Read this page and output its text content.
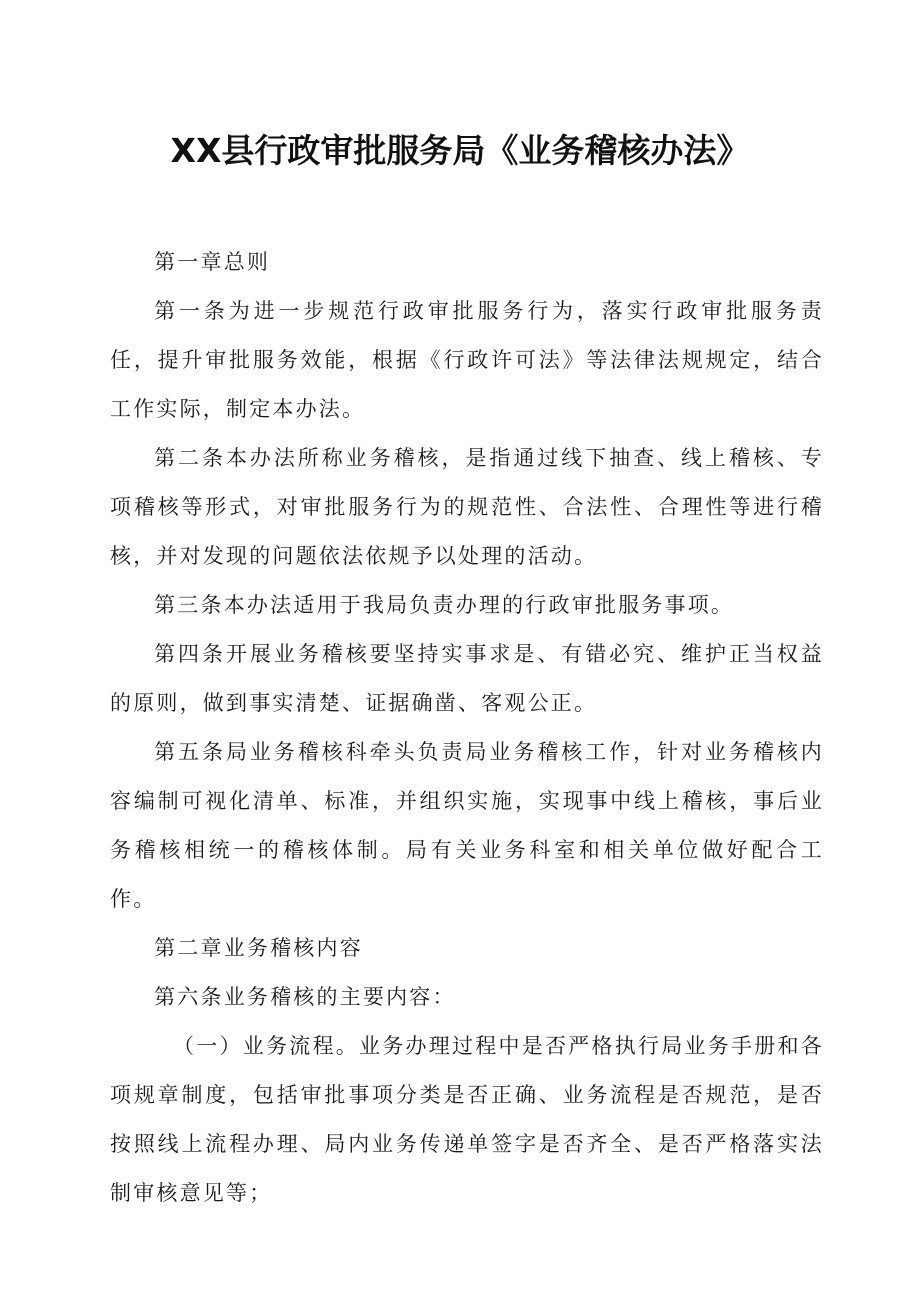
XX县行政审批服务局《业务稽核办法》

第一章总则

第一条为进一步规范行政审批服务行为，落实行政审批服务责任，提升审批服务效能，根据《行政许可法》等法律法规规定，结合工作实际，制定本办法。

第二条本办法所称业务稽核，是指通过线下抽查、线上稽核、专项稽核等形式，对审批服务行为的规范性、合法性、合理性等进行稽核，并对发现的问题依法依规予以处理的活动。

第三条本办法适用于我局负责办理的行政审批服务事项。

第四条开展业务稽核要坚持实事求是、有错必究、维护正当权益的原则，做到事实清楚、证据确凿、客观公正。

第五条局业务稽核科牵头负责局业务稽核工作，针对业务稽核内容编制可视化清单、标准，并组织实施，实现事中线上稽核，事后业务稽核相统一的稽核体制。局有关业务科室和相关单位做好配合工作。

第二章业务稽核内容

第六条业务稽核的主要内容：

（一）业务流程。业务办理过程中是否严格执行局业务手册和各项规章制度，包括审批事项分类是否正确、业务流程是否规范，是否按照线上流程办理、局内业务传递单签字是否齐全、是否严格落实法制审核意见等；
